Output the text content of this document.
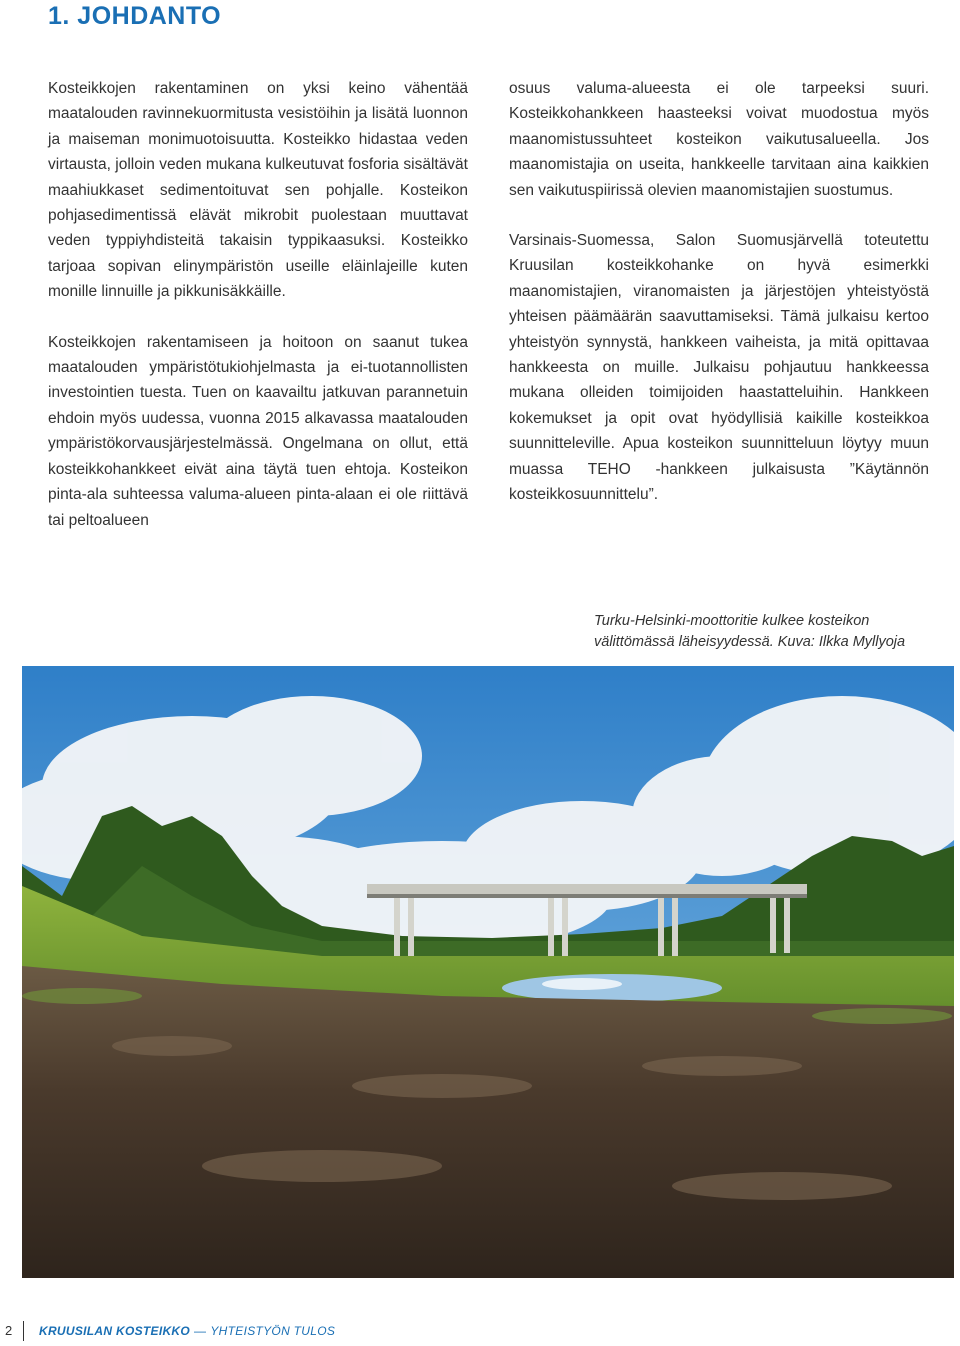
1. JOHDANTO

Kosteikkojen rakentaminen on yksi keino vähentää maatalouden ravinnekuormitusta vesistöihin ja lisätä luonnon ja maiseman monimuotoisuutta. Kosteikko hidastaa veden virtausta, jolloin veden mukana kulkeutuvat fosforia sisältävät maahiukkaset sedimentoituvat sen pohjalle. Kosteikon pohjasedimentissä elävät mikrobit puolestaan muuttavat veden typpiyhdisteitä takaisin typpikaasuksi. Kosteikko tarjoaa sopivan elinympäristön useille eläinlajeille kuten monille linnuille ja pikkunisäkkäille.

Kosteikkojen rakentamiseen ja hoitoon on saanut tukea maatalouden ympäristötukiohjelmasta ja ei-tuotannollisten investointien tuesta. Tuen on kaavailtu jatkuvan parannetuin ehdoin myös uudessa, vuonna 2015 alkavassa maatalouden ympäristökorvausjärjestelmässä. Ongelmana on ollut, että kosteikkohankkeet eivät aina täytä tuen ehtoja. Kosteikon pinta-ala suhteessa valuma-alueen pinta-alaan ei ole riittävä tai peltoalueen

osuus valuma-alueesta ei ole tarpeeksi suuri. Kosteikkohankkeen haasteeksi voivat muodostua myös maanomistussuhteet kosteikon vaikutusalueella. Jos maanomistajia on useita, hankkeelle tarvitaan aina kaikkien sen vaikutuspiirissä olevien maanomistajien suostumus.

Varsinais-Suomessa, Salon Suomusjärvellä toteutettu Kruusilan kosteikkohanke on hyvä esimerkki maanomistajien, viranomaisten ja järjestöjen yhteistyöstä yhteisen päämäärän saavuttamiseksi. Tämä julkaisu kertoo yhteistyön synnystä, hankkeen vaiheista, ja mitä opittavaa hankkeesta on muille. Julkaisu pohjautuu hankkeessa mukana olleiden toimijoiden haastatteluihin. Hankkeen kokemukset ja opit ovat hyödyllisiä kaikille kosteikkoa suunnitteleville. Apua kosteikon suunnitteluun löytyy muun muassa TEHO -hankkeen julkaisusta ”Käytännön kosteikkosuunnittelu”.

Turku-Helsinki-moottoritie kulkee kosteikon välittömässä läheisyydessä. Kuva: Ilkka Myllyoja
2 KRUUSILAN KOSTEIKKO — YHTEISTYÖN TULOS
